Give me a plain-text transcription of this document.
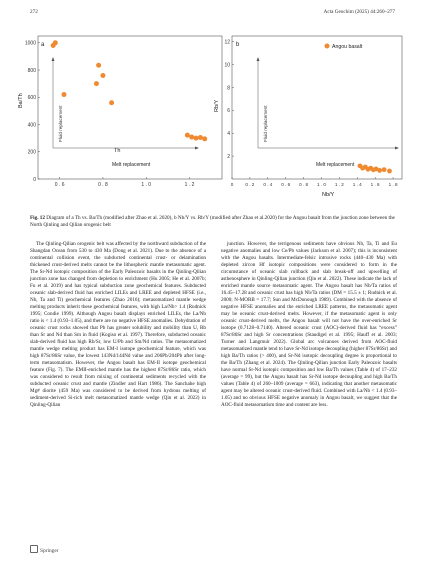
272	Acta Geochim (2025) 44:260–277
a
Th
Ba/Th
Fluid replacement
Melt replacement
b
Nb/Y
Rb/Y	Fluid replacement
Melt replacement
Angou basalt
1000
800
600
400
200
0
0 . 6	0 . 8	1 . 0	1 . 2
12
10
8
6
4
2
0	0 . 2 0 . 4 0 . 6 0 . 8 1 . 0 1 . 2 1 . 4 1 . 6 1 . 8
Fig. 12 Diagram of a Th vs. Ba/Th (modified after Zhao et al. 2020), b Nb/Y vs. Rb/Y (modified after Zhao et al.2020) for the Angou basalt from the junction zone between the North Qinling and Qilian orogenic belt

The Qinling-Qilian orogenic belt was affected by the northward subduction of the Shangdan Ocean from 530 to 430 Ma (Dong et al. 2021). Due to the absence of a continental collision event, the subducted continental crust- or delamination thickened crust-derived melts cannot be the lithospheric mantle metasomatic agent. The Sr-Nd isotopic composition of the Early Paleozoic basalts in the Qinling-Qilian junction zone has changed from depletion to enrichment (Hu 2005; He et al. 2007b; Fu et al. 2019) and has typical subduction zone geochemical features. Subducted oceanic slab-derived fluid has enriched LILEs and LREE and depleted HFSE (i.e., Nb, Ta and Ti) geochemical features (Zhao 2016); metasomatized mantle wedge melting products inherit these geochemical features, with high La/Nb> 1.4 (Rudnick 1995; Condie 1999). Although Angou basalt displays enriched LILEs, the La/Nb ratio is < 1.4 (0.93–1.05), and there are no negative HFSE anomalies. Dehydration of oceanic crust rocks showed that Pb has greater solubility and mobility than U, Rb than Sr and Nd than Sm in fluid (Kogiso et al. 1997). Therefore, subducted oceanic slab-derived fluid has high Rb/Sr, low U/Pb and Sm/Nd ratios. The metasomatized mantle wedge melting product has EM-I isotope geochemical feature, which was high 87Sr/86Sr value, the lowest 143Nd/144Nd value and 206Pb/204Pb after long-term metasomatism. However, the Angou basalt has EM-II isotope geochemical feature (Fig. 7). The EMII-enriched mantle has the highest 87Sr/86Sr ratio, which was considered to result from mixing of continental sediments recycled with the subducted oceanic crust and mantle (Zindler and Hart 1986). The Sanchahe high Mg# diorite (459 Ma) was considered to be derived from hydrous melting of sediment-derived Si-rich melt metasomatized mantle wedge (Qin et al. 2022) in Qinling-Qilian

junction. However, the terrigenous sediments have obvious Nb, Ta, Ti and Eu negative anomalies and low Ce/Pb values (Jackson et al. 2007); this is inconsistent with the Angou basalts. Intermediate-felsic intrusive rocks (440–430 Ma) with depleted zircon Hf isotopic compositions were considered to form in the circumstance of oceanic slab rollback and slab break-off and upwelling of asthenosphere in Qinling-Qilian junction (Qin et al. 2022). These indicate the lack of enriched mantle source metasomatic agent. The Angou basalt has Nb/Ta ratios of 16.45–17.28 and oceanic crust has high Nb/Ta ratios (DM = 15.5 ± 1; Rudnick et al. 2000; N-MORB = 17.7; Sun and McDonough 1989). Combined with the absence of negative HFSE anomalies and the enriched LREE patterns, the metasomatic agent may be oceanic crust-derived melts. However, if the metasomatic agent is only oceanic crust-derived melts, the Angou basalt will not have the over-enriched Sr isotope (0.7128–0.7140). Altered oceanic crust (AOC)-derived fluid has “excess” 87Sr/86Sr and high Sr concentrations (Staudigel et al. 1995; Hauff et al. 2003; Turner and Langmuir 2022). Global arc volcanoes derived from AOC-fluid metasomatized mantle tend to have Sr-Nd isotope decoupling (higher 87Sr/86Sr) and high Ba/Th ratios (> 400), and Sr-Nd isotopic decoupling degree is proportional to the Ba/Th (Zhang et al. 2024). The Qinling-Qilian junction Early Paleozoic basalts have normal Sr-Nd isotopic composition and low Ba/Th values (Table 4) of 17–232 (average = 99), but the Angou basalt has Sr-Nd isotope decoupling and high Ba/Th values (Table 4) of 260–1009 (average = 663), indicating that another metasomatic agent may be altered oceanic crust-derived fluid. Combined with La/Nb < 1.4 (0.93–1.05) and no obvious HFSE negative anomaly in Angou basalt, we suggest that the AOC-fluid metasomatism time and content are less.

Springer
